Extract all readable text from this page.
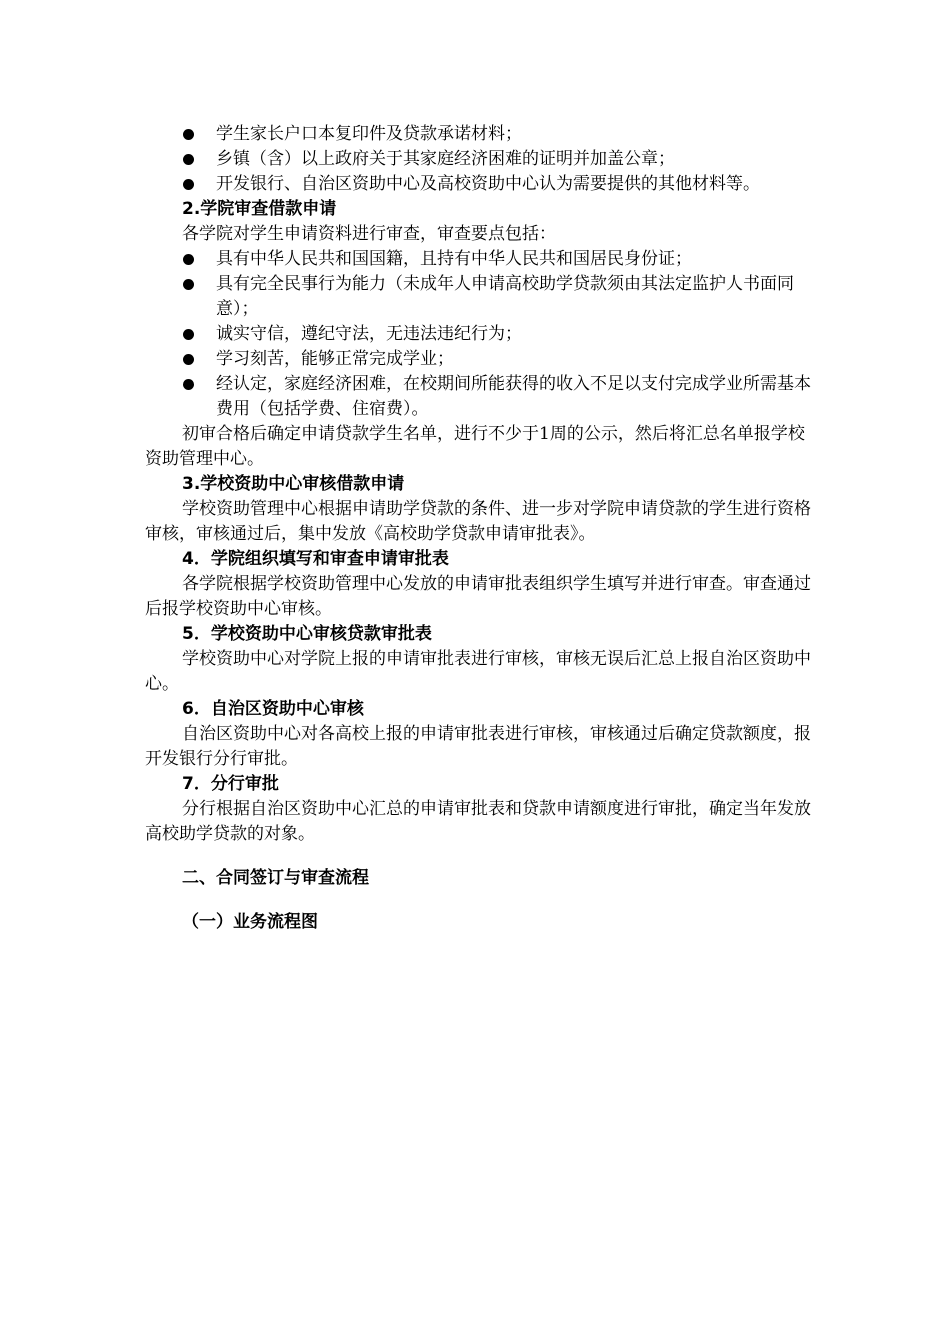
学生家长户口本复印件及贷款承诺材料；
乡镇（含）以上政府关于其家庭经济困难的证明并加盖公章；
开发银行、自治区资助中心及高校资助中心认为需要提供的其他材料等。
2.学院审查借款申请
各学院对学生申请资料进行审查，审查要点包括：
具有中华人民共和国国籍，且持有中华人民共和国居民身份证；
具有完全民事行为能力（未成年人申请高校助学贷款须由其法定监护人书面同意）；
诚实守信，遵纪守法，无违法违纪行为；
学习刻苦，能够正常完成学业；
经认定，家庭经济困难，在校期间所能获得的收入不足以支付完成学业所需基本费用（包括学费、住宿费）。
初审合格后确定申请贷款学生名单，进行不少于1周的公示，然后将汇总名单报学校资助管理中心。
3.学校资助中心审核借款申请
学校资助管理中心根据申请助学贷款的条件、进一步对学院申请贷款的学生进行资格审核，审核通过后，集中发放《高校助学贷款申请审批表》。
4．学院组织填写和审查申请审批表
各学院根据学校资助管理中心发放的申请审批表组织学生填写并进行审查。审查通过后报学校资助中心审核。
5．学校资助中心审核贷款审批表
学校资助中心对学院上报的申请审批表进行审核，审核无误后汇总上报自治区资助中心。
6．自治区资助中心审核
自治区资助中心对各高校上报的申请审批表进行审核，审核通过后确定贷款额度，报开发银行分行审批。
7．分行审批
分行根据自治区资助中心汇总的申请审批表和贷款申请额度进行审批，确定当年发放高校助学贷款的对象。
二、合同签订与审查流程
（一）业务流程图
